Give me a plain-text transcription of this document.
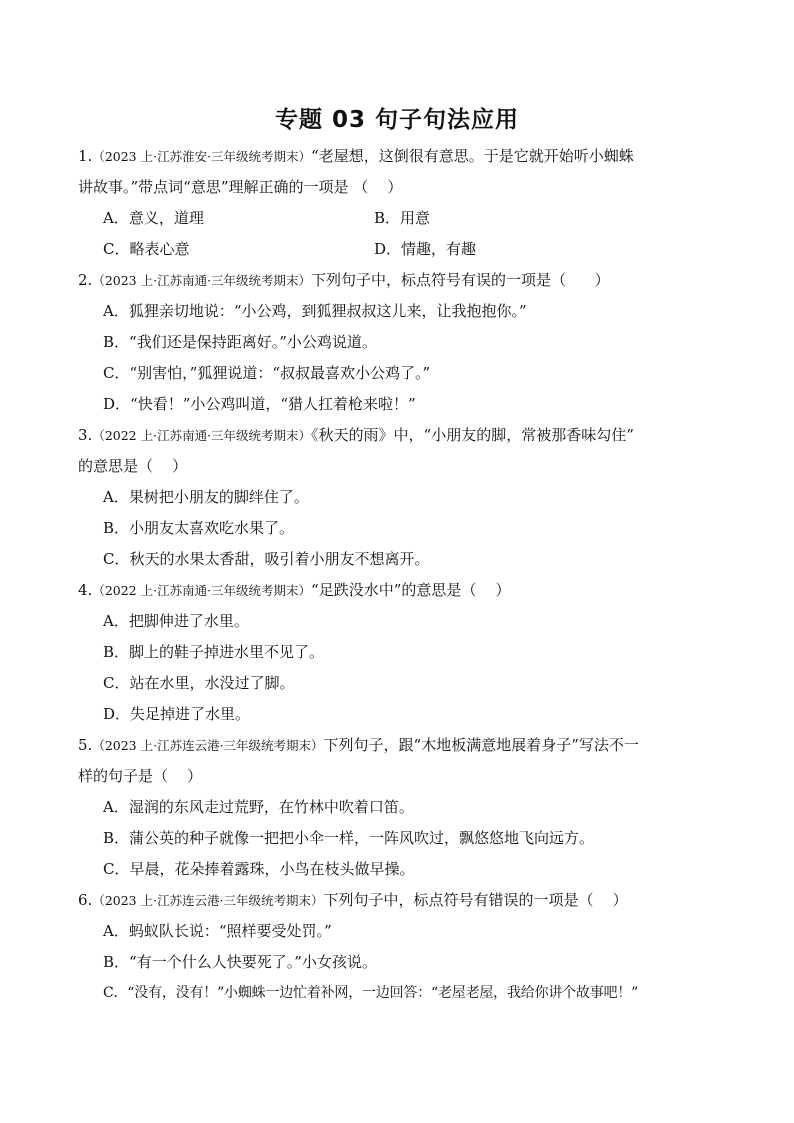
专题 03 句子句法应用

1.（2023 上·江苏淮安·三年级统考期末）“老屋想，这倒很有意思。于是它就开始听小蜘蛛

讲故事。”带点词“意思”理解正确的一项是 （    ）

A．意义，道理	B．用意
C．略表心意	D．情趣，有趣

2.（2023 上·江苏南通·三年级统考期末）下列句子中，标点符号有误的一项是（      ）

A．狐狸亲切地说：“小公鸡，到狐狸叔叔这儿来，让我抱抱你。”
B．“我们还是保持距离好。”小公鸡说道。
C．“别害怕，”狐狸说道：“叔叔最喜欢小公鸡了。”
D．“快看！”小公鸡叫道，“猎人扛着枪来啦！”

3.（2022 上·江苏南通·三年级统考期末）《秋天的雨》中，“小朋友的脚，常被那香味勾住”

的意思是（    ）

A．果树把小朋友的脚绊住了。
B．小朋友太喜欢吃水果了。
C．秋天的水果太香甜，吸引着小朋友不想离开。

4.（2022 上·江苏南通·三年级统考期末）“足跌没水中”的意思是（    ）

A．把脚伸进了水里。
B．脚上的鞋子掉进水里不见了。
C．站在水里，水没过了脚。
D．失足掉进了水里。

5.（2023 上·江苏连云港·三年级统考期末）下列句子，跟“木地板满意地展着身子”写法不一

样的句子是（    ）

A．湿润的东风走过荒野，在竹林中吹着口笛。
B．蒲公英的种子就像一把把小伞一样，一阵风吹过，飘悠悠地飞向远方。
C．早晨，花朵捧着露珠，小鸟在枝头做早操。

6.（2023 上·江苏连云港·三年级统考期末）下列句子中，标点符号有错误的一项是（    ）

A．蚂蚁队长说：“照样要受处罚。”
B．“有一个什么人快要死了。”小女孩说。
C．“没有，没有！”小蜘蛛一边忙着补网，一边回答：“老屋老屋，我给你讲个故事吧！”
